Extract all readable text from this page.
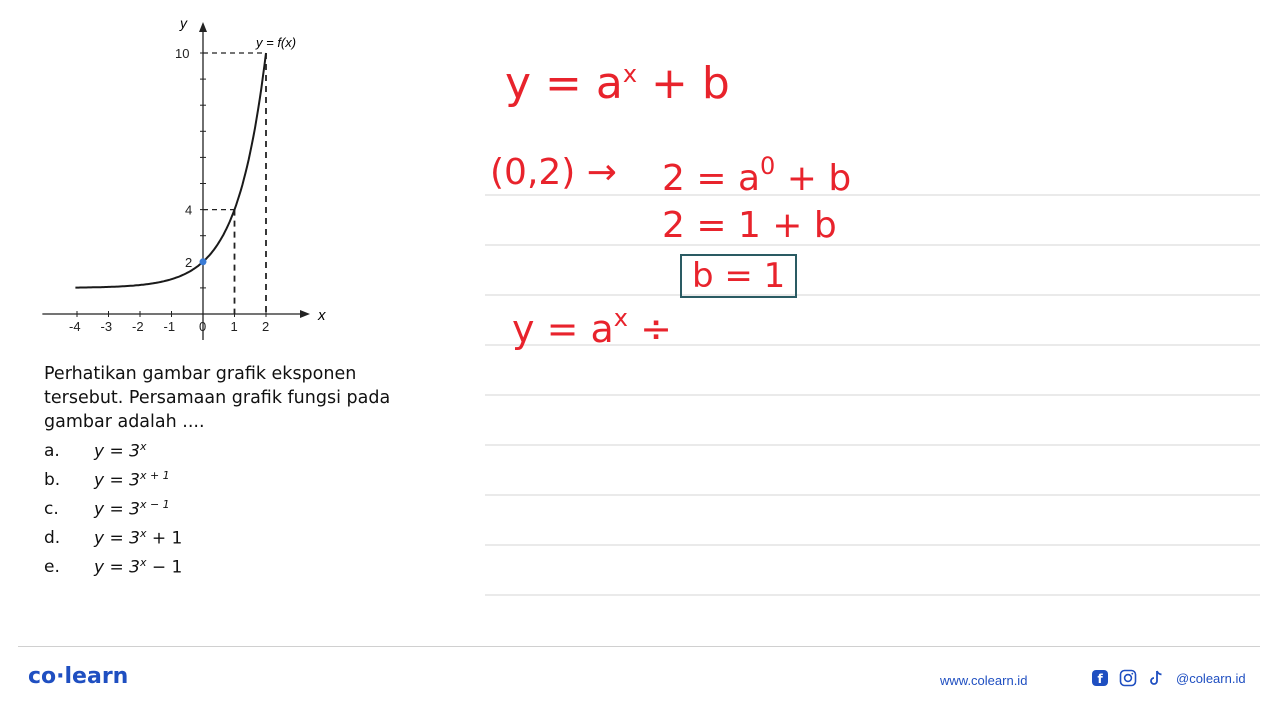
-4 -3 -2 -1 0 1 2
10
4
2
y
x
y = f(x)

Perhatikan gambar grafik eksponen tersebut. Persamaan grafik fungsi pada gambar adalah ....

a.	$y = 3^x$
b.	$y = 3^{x + 1}$
c.	$y = 3^{x - 1}$
d.	$y = 3^x + 1$
e.	$y = 3^x - 1$
$y = a^x + b$
$(0,2) \to 2 = a^0 + b$
2 = 1 + b
b = 1
$y = a^x$ ÷
co·learn	www.colearn.id	f	@colearn.id
